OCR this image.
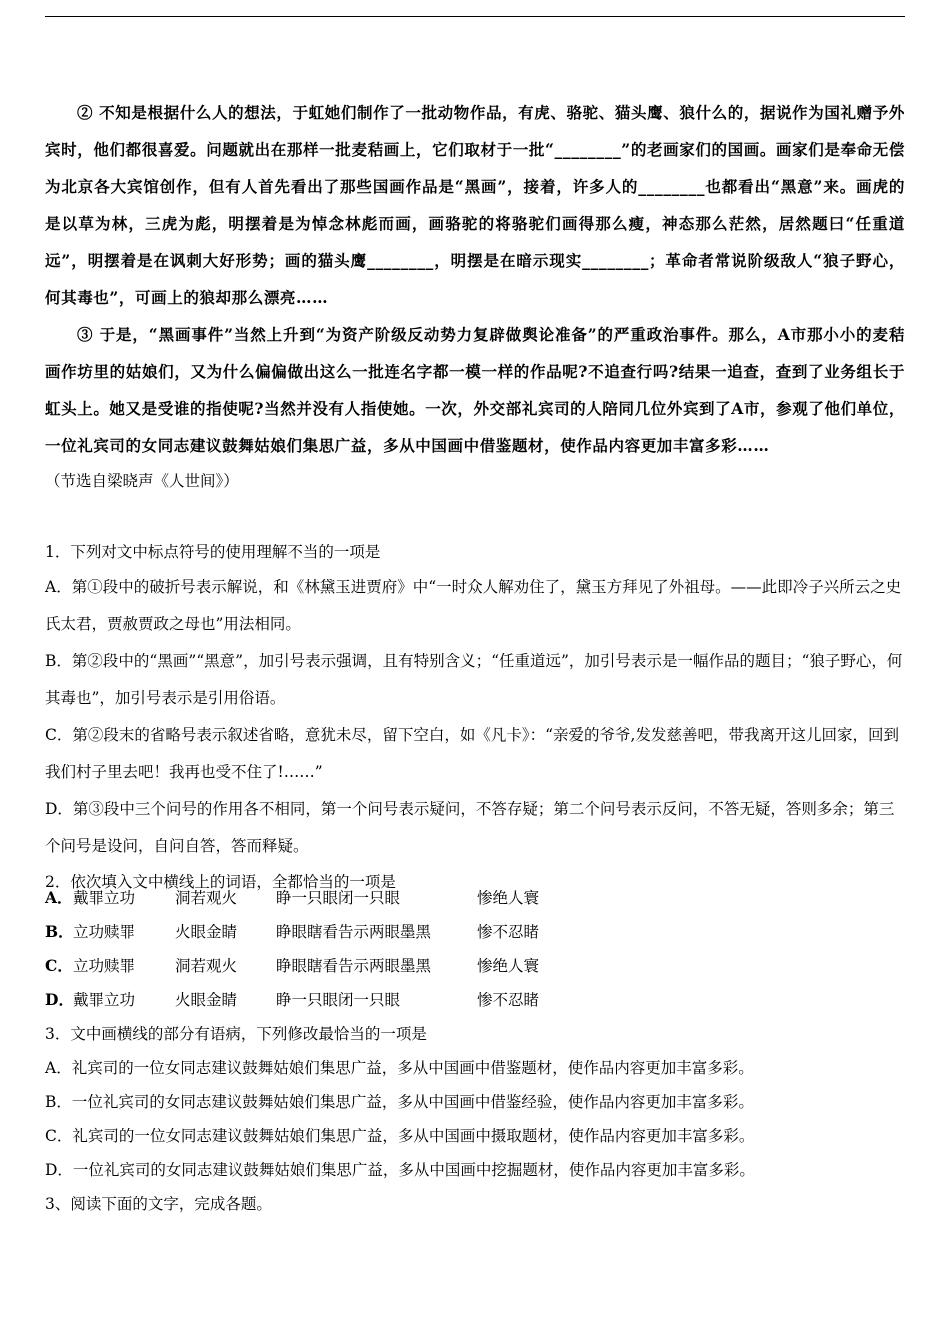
② 不知是根据什么人的想法，于虹她们制作了一批动物作品，有虎、骆驼、猫头鹰、狼什么的，据说作为国礼赠予外宾时，他们都很喜爱。问题就出在那样一批麦秸画上，它们取材于一批“________”的老画家们的国画。画家们是奉命无偿为北京各大宾馆创作，但有人首先看出了那些国画作品是“黑画”，接着，许多人的________也都看出“黑意”来。画虎的是以草为林，三虎为彪，明摆着是为悼念林彪而画，画骆驼的将骆驼们画得那么瘦，神态那么茫然，居然题曰“任重道远”，明摆着是在讽刺大好形势；画的猫头鹰________，明摆是在暗示现实________；革命者常说阶级敌人“狼子野心，何其毒也”，可画上的狼却那么漂亮……

③ 于是，“黑画事件”当然上升到“为资产阶级反动势力复辟做舆论准备”的严重政治事件。那么，A市那小小的麦秸画作坊里的姑娘们，又为什么偏偏做出这么一批连名字都一模一样的作品呢?不追查行吗?结果一追查，查到了业务组长于虹头上。她又是受谁的指使呢?当然并没有人指使她。一次，外交部礼宾司的人陪同几位外宾到了A市，参观了他们单位，一位礼宾司的女同志建议鼓舞姑娘们集思广益，多从中国画中借鉴题材，使作品内容更加丰富多彩……

（节选自梁晓声《人世间》）

1．下列对文中标点符号的使用理解不当的一项是

A．第①段中的破折号表示解说，和《林黛玉进贾府》中“一时众人解劝住了，黛玉方拜见了外祖母。——此即冷子兴所云之史氏太君，贾赦贾政之母也”用法相同。

B．第②段中的“黑画”“黑意”，加引号表示强调，且有特别含义；“任重道远”，加引号表示是一幅作品的题目；“狼子野心，何其毒也”，加引号表示是引用俗语。

C．第②段末的省略号表示叙述省略，意犹未尽，留下空白，如《凡卡》：“亲爱的爷爷,发发慈善吧，带我离开这儿回家，回到我们村子里去吧！我再也受不住了!……”

D．第③段中三个问号的作用各不相同，第一个问号表示疑问，不答存疑；第二个问号表示反问，不答无疑，答则多余；第三个问号是设问，自问自答，答而释疑。

2．依次填入文中横线上的词语，全都恰当的一项是

A． 戴罪立功	洞若观火	睁一只眼闭一只眼	惨绝人寰
B． 立功赎罪	火眼金睛	睁眼瞎看告示两眼墨黑	惨不忍睹
C． 立功赎罪	洞若观火	睁眼瞎看告示两眼墨黑	惨绝人寰
D． 戴罪立功	火眼金睛	睁一只眼闭一只眼	惨不忍睹

3．文中画横线的部分有语病，下列修改最恰当的一项是

A．礼宾司的一位女同志建议鼓舞姑娘们集思广益，多从中国画中借鉴题材，使作品内容更加丰富多彩。

B．一位礼宾司的女同志建议鼓舞姑娘们集思广益，多从中国画中借鉴经验，使作品内容更加丰富多彩。

C．礼宾司的一位女同志建议鼓舞姑娘们集思广益，多从中国画中摄取题材，使作品内容更加丰富多彩。

D．一位礼宾司的女同志建议鼓舞姑娘们集思广益，多从中国画中挖掘题材，使作品内容更加丰富多彩。

3、阅读下面的文字，完成各题。
